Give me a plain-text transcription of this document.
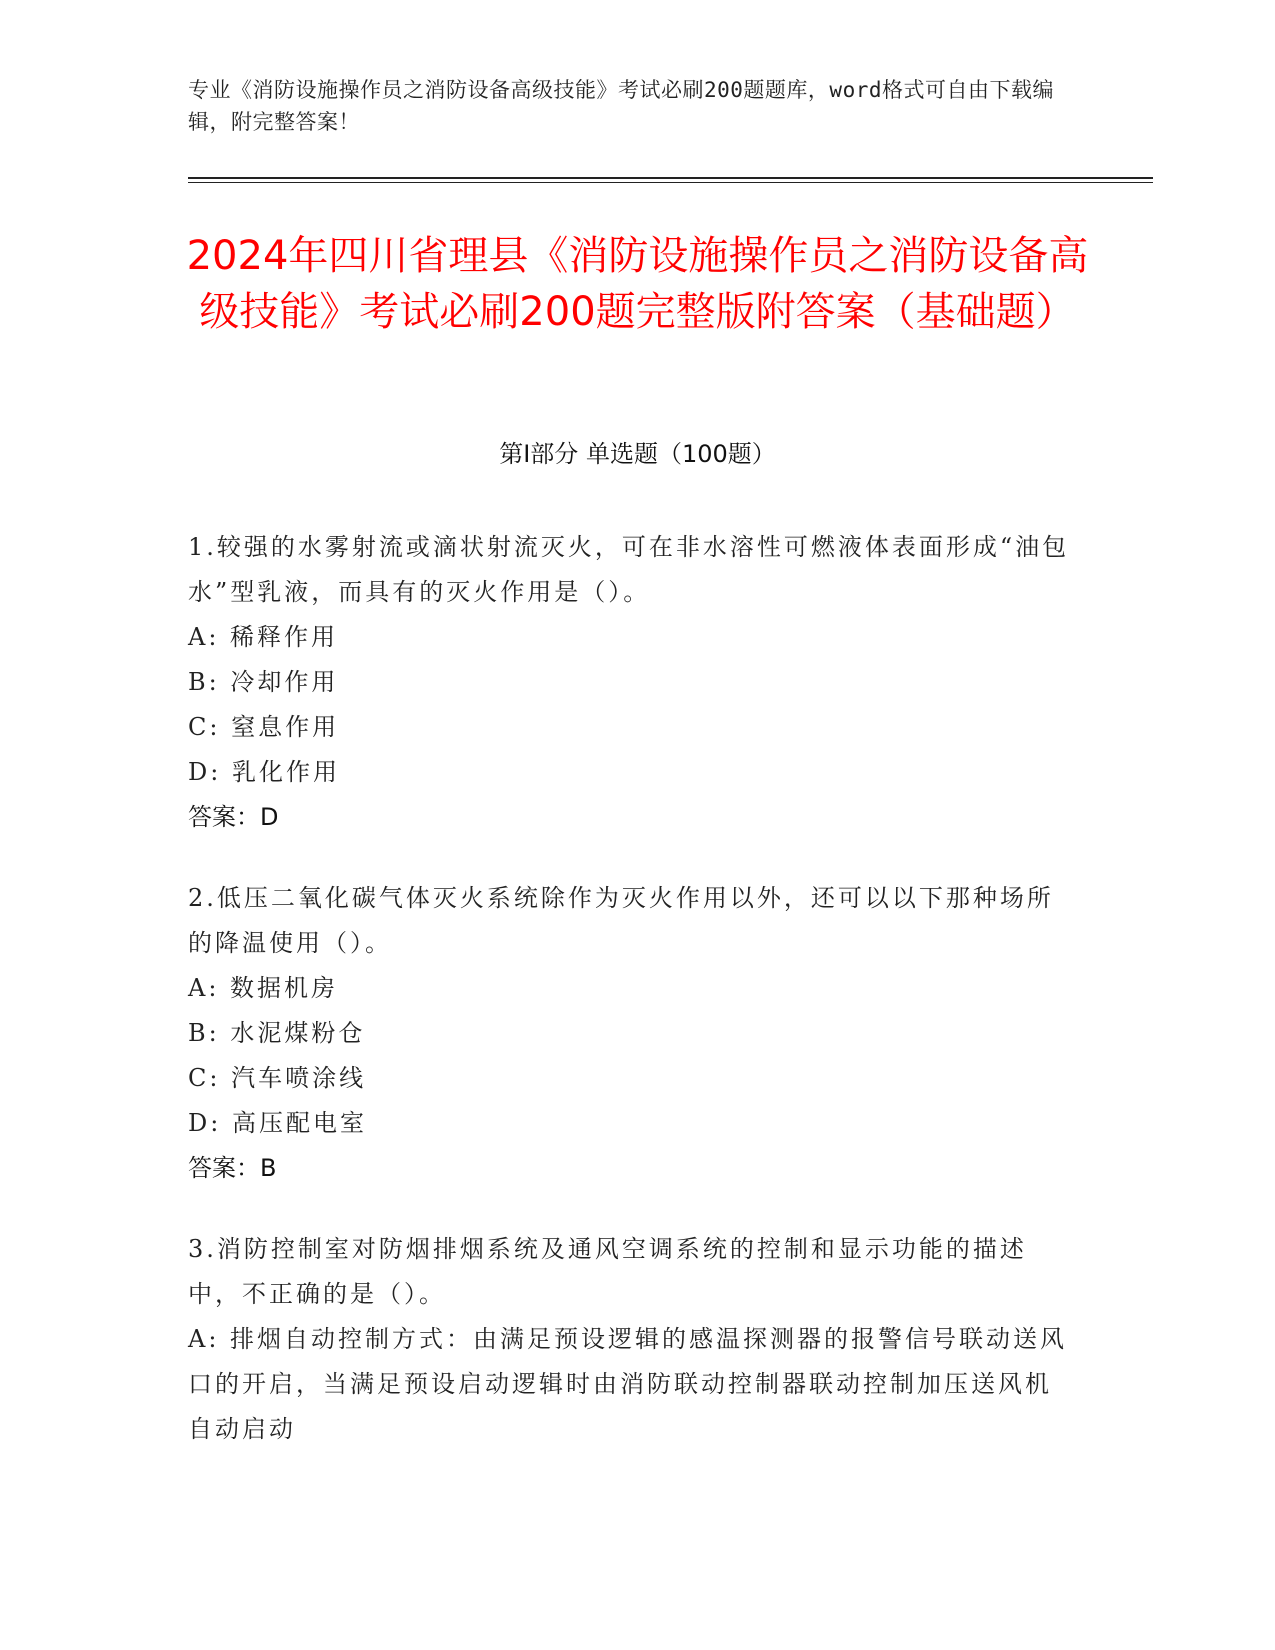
专业《消防设施操作员之消防设备高级技能》考试必刷200题题库，word格式可自由下载编辑，附完整答案！
2024年四川省理县《消防设施操作员之消防设备高级技能》考试必刷200题完整版附答案（基础题）
第I部分 单选题（100题）

1.较强的水雾射流或滴状射流灭火，可在非水溶性可燃液体表面形成“油包水”型乳液，而具有的灭火作用是（）。

A: 稀释作用

B: 冷却作用

C: 窒息作用

D: 乳化作用

答案：D

2.低压二氧化碳气体灭火系统除作为灭火作用以外，还可以以下那种场所的降温使用（）。

A: 数据机房

B: 水泥煤粉仓

C: 汽车喷涂线

D: 高压配电室

答案：B

3.消防控制室对防烟排烟系统及通风空调系统的控制和显示功能的描述中，不正确的是（）。

A: 排烟自动控制方式：由满足预设逻辑的感温探测器的报警信号联动送风口的开启，当满足预设启动逻辑时由消防联动控制器联动控制加压送风机自动启动
